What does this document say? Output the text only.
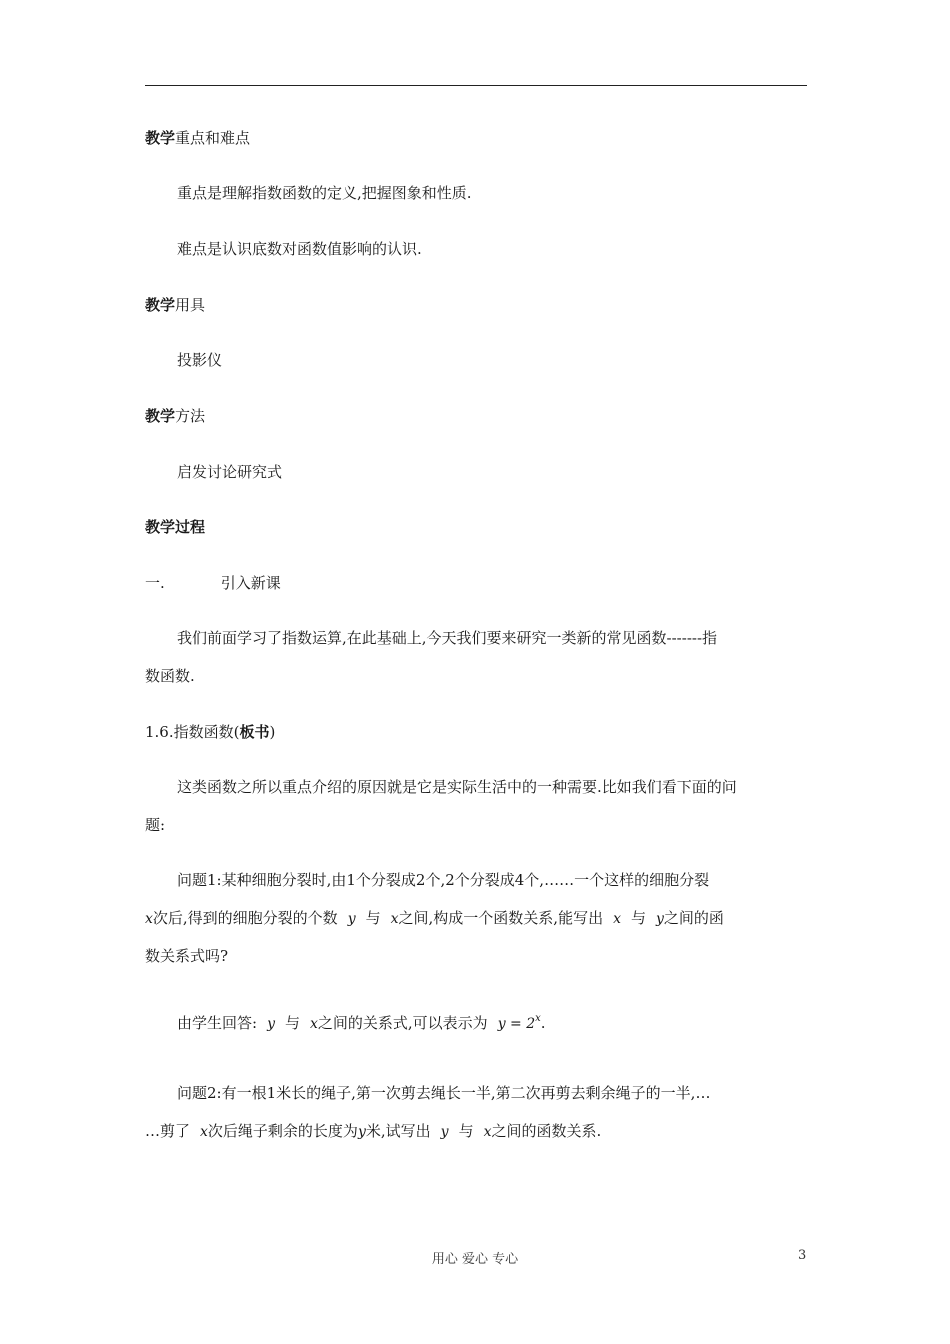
教学重点和难点
重点是理解指数函数的定义,把握图象和性质.
难点是认识底数对函数值影响的认识.
教学用具
投影仪
教学方法
启发讨论研究式
教学过程
一.	引入新课
我们前面学习了指数运算,在此基础上,今天我们要来研究一类新的常见函数-------指
数函数.
1.6.指数函数(板书)
这类函数之所以重点介绍的原因就是它是实际生活中的一种需要.比如我们看下面的问
题:
问题1:某种细胞分裂时,由1个分裂成2个,2个分裂成4个,……一个这样的细胞分裂
x次后,得到的细胞分裂的个数 y 与 x之间,构成一个函数关系,能写出 x 与 y之间的函
数关系式吗?
由学生回答: y 与 x之间的关系式,可以表示为 $y = 2^x$.
问题2:有一根1米长的绳子,第一次剪去绳长一半,第二次再剪去剩余绳子的一半,…
…剪了 x次后绳子剩余的长度为y米,试写出 y 与 x之间的函数关系.
用心 爱心 专心	3
